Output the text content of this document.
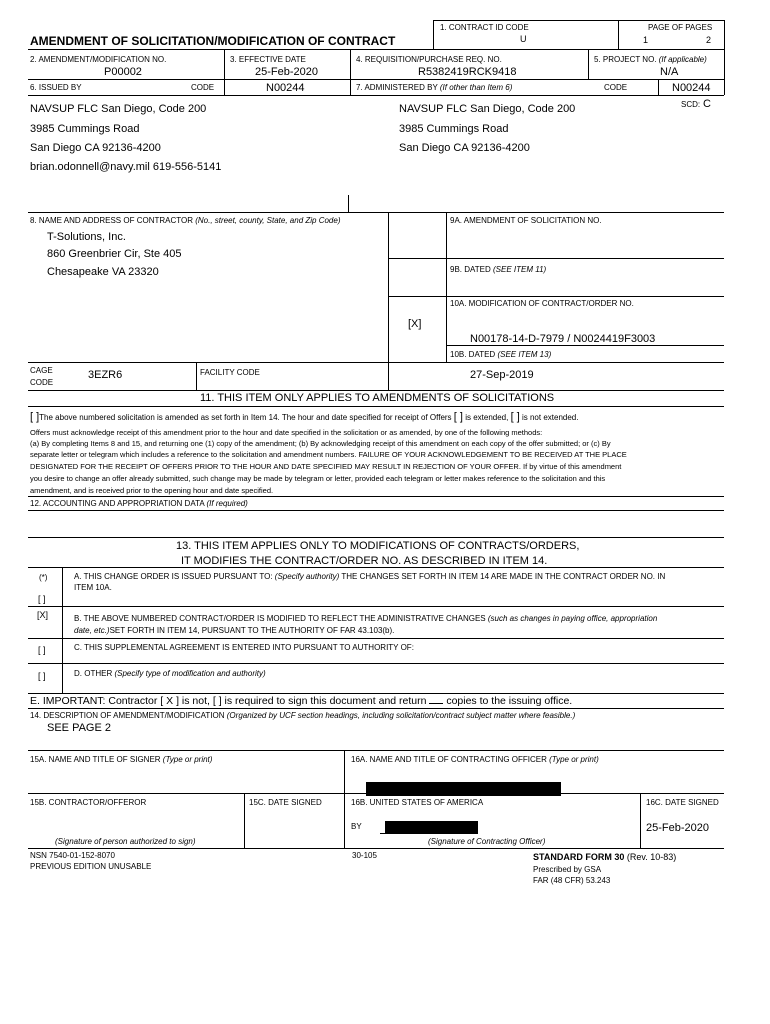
AMENDMENT OF SOLICITATION/MODIFICATION OF CONTRACT
1. CONTRACT ID CODE
U
PAGE OF PAGES
1	2
2. AMENDMENT/MODIFICATION NO.
P00002
3. EFFECTIVE DATE
25-Feb-2020
4. REQUISITION/PURCHASE REQ. NO.
R5382419RCK9418
5. PROJECT NO. (If applicable)
N/A
6. ISSUED BY	CODE	N00244	7. ADMINISTERED BY (If other than Item 6)	CODE	N00244
SCD: C
NAVSUP FLC San Diego, Code 200
3985 Cummings Road
San Diego CA 92136-4200
brian.odonnell@navy.mil 619-556-5141
NAVSUP FLC San Diego, Code 200
3985 Cummings Road
San Diego CA 92136-4200
8. NAME AND ADDRESS OF CONTRACTOR (No., street, county, State, and Zip Code)
T-Solutions, Inc.
860 Greenbrier Cir, Ste 405
Chesapeake VA 23320
9A. AMENDMENT OF SOLICITATION NO.
9B. DATED (SEE ITEM 11)
10A. MODIFICATION OF CONTRACT/ORDER NO.
[X]
N00178-14-D-7979 / N0024419F3003
10B. DATED (SEE ITEM 13)
27-Sep-2019
CAGE
CODE
3EZR6	FACILITY CODE
11. THIS ITEM ONLY APPLIES TO AMENDMENTS OF SOLICITATIONS
[ ]The above numbered solicitation is amended as set forth in Item 14. The hour and date specified for receipt of Offers [ ] is extended, [ ] is not extended.
Offers must acknowledge receipt of this amendment prior to the hour and date specified in the solicitation or as amended, by one of the following methods:
(a) By completing Items 8 and 15, and returning one (1) copy of the amendment; (b) By acknowledging receipt of this amendment on each copy of the offer submitted; or (c) By
separate letter or telegram which includes a reference to the solicitation and amendment numbers. FAILURE OF YOUR ACKNOWLEDGEMENT TO BE RECEIVED AT THE PLACE
DESIGNATED FOR THE RECEIPT OF OFFERS PRIOR TO THE HOUR AND DATE SPECIFIED MAY RESULT IN REJECTION OF YOUR OFFER. If by virtue of this amendment
you desire to change an offer already submitted, such change may be made by telegram or letter, provided each telegram or letter makes reference to the solicitation and this
amendment, and is received prior to the opening hour and date specified.
12. ACCOUNTING AND APPROPRIATION DATA (If required)
13. THIS ITEM APPLIES ONLY TO MODIFICATIONS OF CONTRACTS/ORDERS,
IT MODIFIES THE CONTRACT/ORDER NO. AS DESCRIBED IN ITEM 14.
(*)
[ ]
A. THIS CHANGE ORDER IS ISSUED PURSUANT TO: (Specify authority) THE CHANGES SET FORTH IN ITEM 14 ARE MADE IN THE CONTRACT ORDER NO. IN
ITEM 10A.
[X]	B. THE ABOVE NUMBERED CONTRACT/ORDER IS MODIFIED TO REFLECT THE ADMINISTRATIVE CHANGES (such as changes in paying office, appropriation
date, etc.)SET FORTH IN ITEM 14, PURSUANT TO THE AUTHORITY OF FAR 43.103(b).
[ ]	C. THIS SUPPLEMENTAL AGREEMENT IS ENTERED INTO PURSUANT TO AUTHORITY OF:
[ ]	D. OTHER (Specify type of modification and authority)
E. IMPORTANT: Contractor [ X ] is not, [ ] is required to sign this document and return copies to the issuing office.
14. DESCRIPTION OF AMENDMENT/MODIFICATION (Organized by UCF section headings, including solicitation/contract subject matter where feasible.)
SEE PAGE 2
15A. NAME AND TITLE OF SIGNER (Type or print)	16A. NAME AND TITLE OF CONTRACTING OFFICER (Type or print)
15B. CONTRACTOR/OFFEROR	15C. DATE SIGNED	16B. UNITED STATES OF AMERICA	16C. DATE SIGNED
BY	25-Feb-2020
(Signature of person authorized to sign)	(Signature of Contracting Officer)
NSN 7540-01-152-8070
PREVIOUS EDITION UNUSABLE
30-105	STANDARD FORM 30 (Rev. 10-83)
Prescribed by GSA
FAR (48 CFR) 53.243
